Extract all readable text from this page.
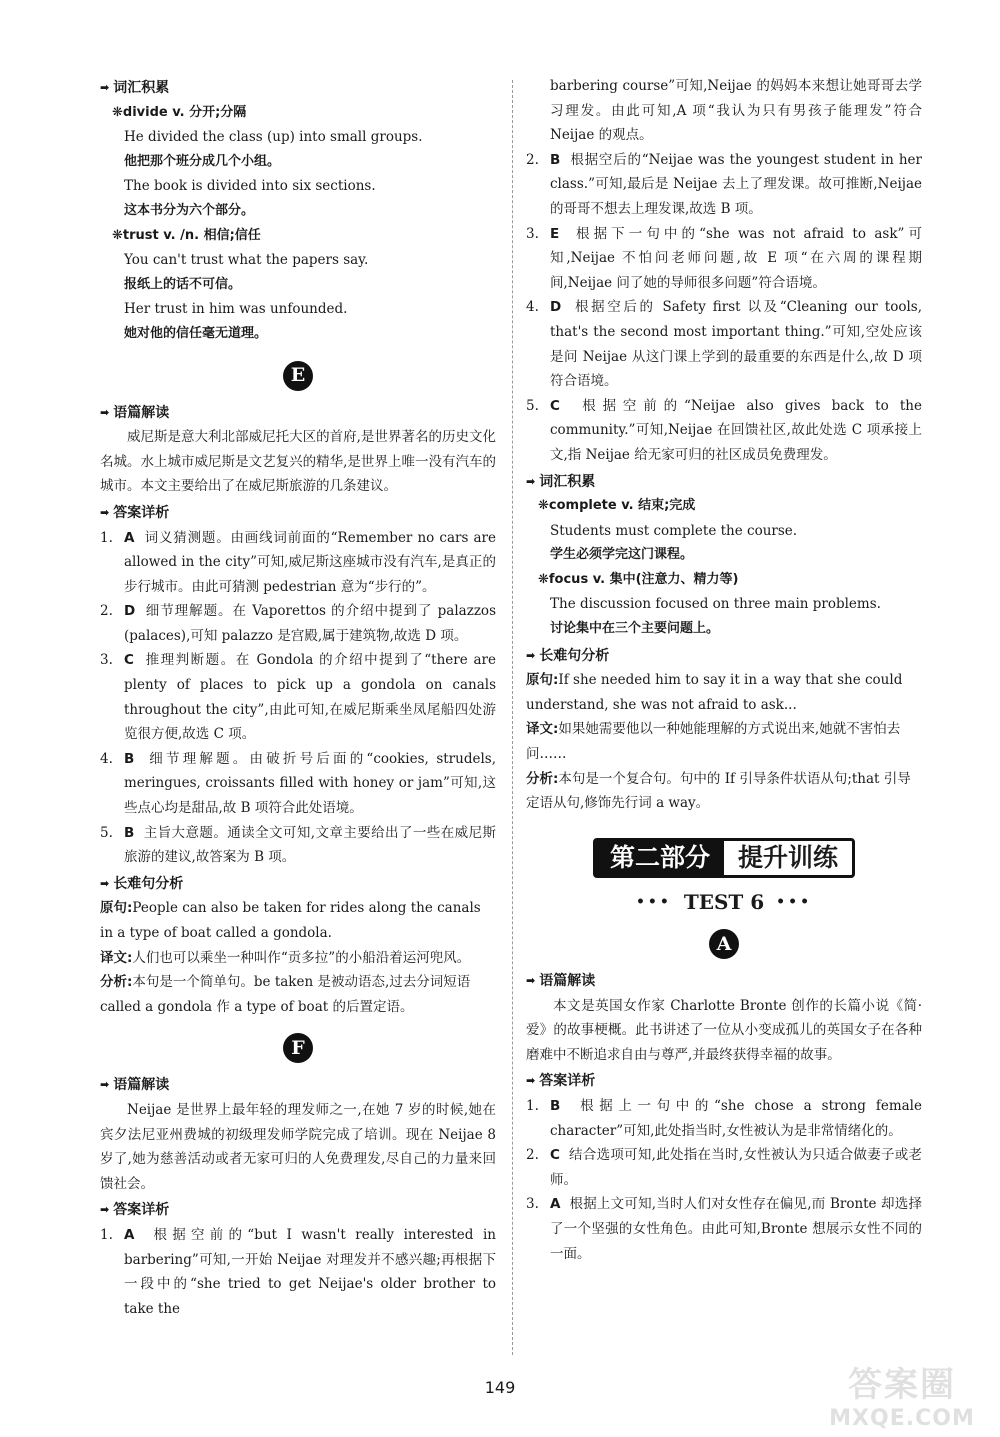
➡ 词汇积累
❋divide v. 分开;分隔
He divided the class (up) into small groups.
他把那个班分成几个小组。
The book is divided into six sections.
这本书分为六个部分。
❋trust v. /n. 相信;信任
You can't trust what the papers say.
报纸上的话不可信。
Her trust in him was unfounded.
她对他的信任毫无道理。
E
➡ 语篇解读
威尼斯是意大利北部威尼托大区的首府,是世界著名的历史文化名城。水上城市威尼斯是文艺复兴的精华,是世界上唯一没有汽车的城市。本文主要给出了在威尼斯旅游的几条建议。
➡ 答案详析
1. A 词义猜测题。由画线词前面的“Remember no cars are allowed in the city”可知,威尼斯这座城市没有汽车,是真正的步行城市。由此可猜测 pedestrian 意为“步行的”。
2. D 细节理解题。在 Vaporettos 的介绍中提到了 palazzos (palaces),可知 palazzo 是宫殿,属于建筑物,故选 D 项。
3. C 推理判断题。在 Gondola 的介绍中提到了“there are plenty of places to pick up a gondola on canals throughout the city”,由此可知,在威尼斯乘坐凤尾船四处游览很方便,故选 C 项。
4. B 细节理解题。由破折号后面的“cookies, strudels, meringues, croissants filled with honey or jam”可知,这些点心均是甜品,故 B 项符合此处语境。
5. B 主旨大意题。通读全文可知,文章主要给出了一些在威尼斯旅游的建议,故答案为 B 项。
➡ 长难句分析
原句:People can also be taken for rides along the canals in a type of boat called a gondola.
译文:人们也可以乘坐一种叫作“贡多拉”的小船沿着运河兜风。
分析:本句是一个简单句。be taken 是被动语态,过去分词短语 called a gondola 作 a type of boat 的后置定语。
F
➡ 语篇解读
Neijae 是世界上最年轻的理发师之一,在她 7 岁的时候,她在宾夕法尼亚州费城的初级理发师学院完成了培训。现在 Neijae 8 岁了,她为慈善活动或者无家可归的人免费理发,尽自己的力量来回馈社会。
➡ 答案详析
1. A 根据空前的“but I wasn't really interested in barbering”可知,一开始 Neijae 对理发并不感兴趣;再根据下一段中的“she tried to get Neijae's older brother to take the
barbering course”可知,Neijae 的妈妈本来想让她哥哥去学习理发。由此可知,A 项“我认为只有男孩子能理发”符合 Neijae 的观点。
2. B 根据空后的“Neijae was the youngest student in her class.”可知,最后是 Neijae 去上了理发课。故可推断,Neijae 的哥哥不想去上理发课,故选 B 项。
3. E 根据下一句中的“she was not afraid to ask”可知,Neijae 不怕问老师问题,故 E 项“在六周的课程期间,Neijae 问了她的导师很多问题”符合语境。
4. D 根据空后的 Safety first 以及“Cleaning our tools, that's the second most important thing.”可知,空处应该是问 Neijae 从这门课上学到的最重要的东西是什么,故 D 项符合语境。
5. C 根据空前的“Neijae also gives back to the community.”可知,Neijae 在回馈社区,故此处选 C 项承接上文,指 Neijae 给无家可归的社区成员免费理发。
➡ 词汇积累
❋complete v. 结束;完成
Students must complete the course.
学生必须学完这门课程。
❋focus v. 集中(注意力、精力等)
The discussion focused on three main problems.
讨论集中在三个主要问题上。
➡ 长难句分析
原句:If she needed him to say it in a way that she could understand, she was not afraid to ask...
译文:如果她需要他以一种她能理解的方式说出来,她就不害怕去问……
分析:本句是一个复合句。句中的 If 引导条件状语从句;that 引导定语从句,修饰先行词 a way。
第二部分	提升训练
••• TEST 6 •••
A
➡ 语篇解读
本文是英国女作家 Charlotte Bronte 创作的长篇小说《简·爱》的故事梗概。此书讲述了一位从小变成孤儿的英国女子在各种磨难中不断追求自由与尊严,并最终获得幸福的故事。
➡ 答案详析
1. B 根据上一句中的“she chose a strong female character”可知,此处指当时,女性被认为是非常情绪化的。
2. C 结合选项可知,此处指在当时,女性被认为只适合做妻子或老师。
3. A 根据上文可知,当时人们对女性存在偏见,而 Bronte 却选择了一个坚强的女性角色。由此可知,Bronte 想展示女性不同的一面。
149	答案圈
MXQE.COM
